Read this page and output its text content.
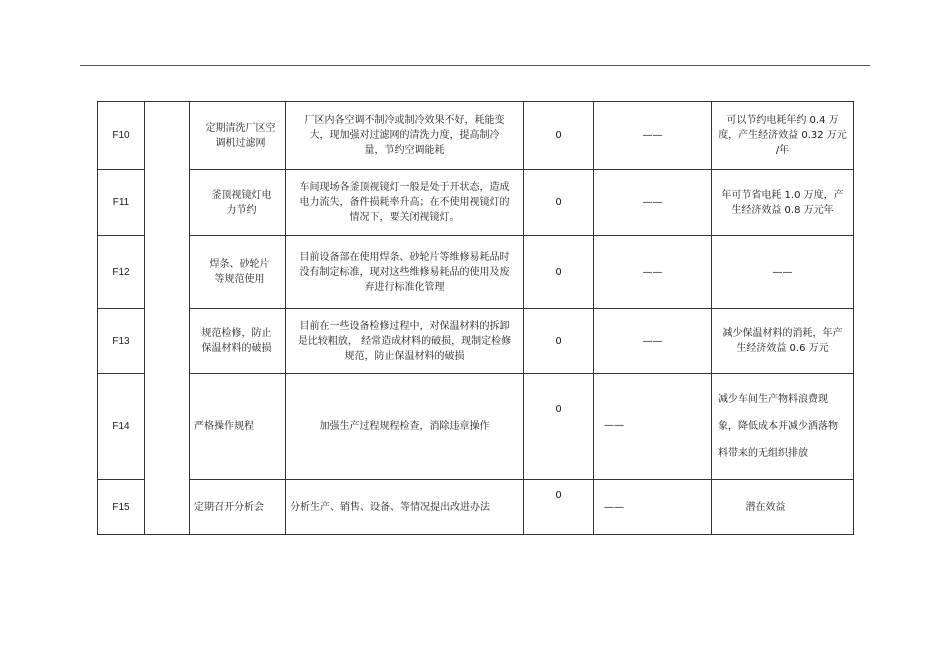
F10		定期清洗厂区空调机过滤网	厂区内各空调不制冷或制冷效果不好，耗能变大，现加强对过滤网的清洗力度，提高制冷量，节约空调能耗	0	——	可以节约电耗年约 0.4 万度，产生经济效益 0.32 万元 /年
F11		釜顶视镜灯电力节约	车间现场各釜顶视镜灯一般是处于开状态，造成电力流失，备件损耗率升高；在不使用视镜灯的情况下，要关闭视镜灯。	0	——	年可节省电耗 1.0 万度，产生经济效益 0.8 万元年
F12		焊条、砂轮片等规范使用	目前设备部在使用焊条、砂轮片等维修易耗品时没有制定标准，现对这些维修易耗品的使用及废弃进行标准化管理	0	——	——
F13		规范检修，防止保温材料的破损	目前在一些设备检修过程中，对保温材料的拆卸是比较粗放， 经常造成材料的破损，现制定检修规范，防止保温材料的破损	0	——	减少保温材料的消耗，年产生经济效益 0.6 万元
F14		严格操作规程	加强生产过程规程检查，消除违章操作	0	——	减少车间生产物料浪费现象，降低成本并减少洒落物料带来的无组织排放
F15		定期召开分析会	分析生产、销售、设备、等情况提出改进办法	0	——	潜在效益
